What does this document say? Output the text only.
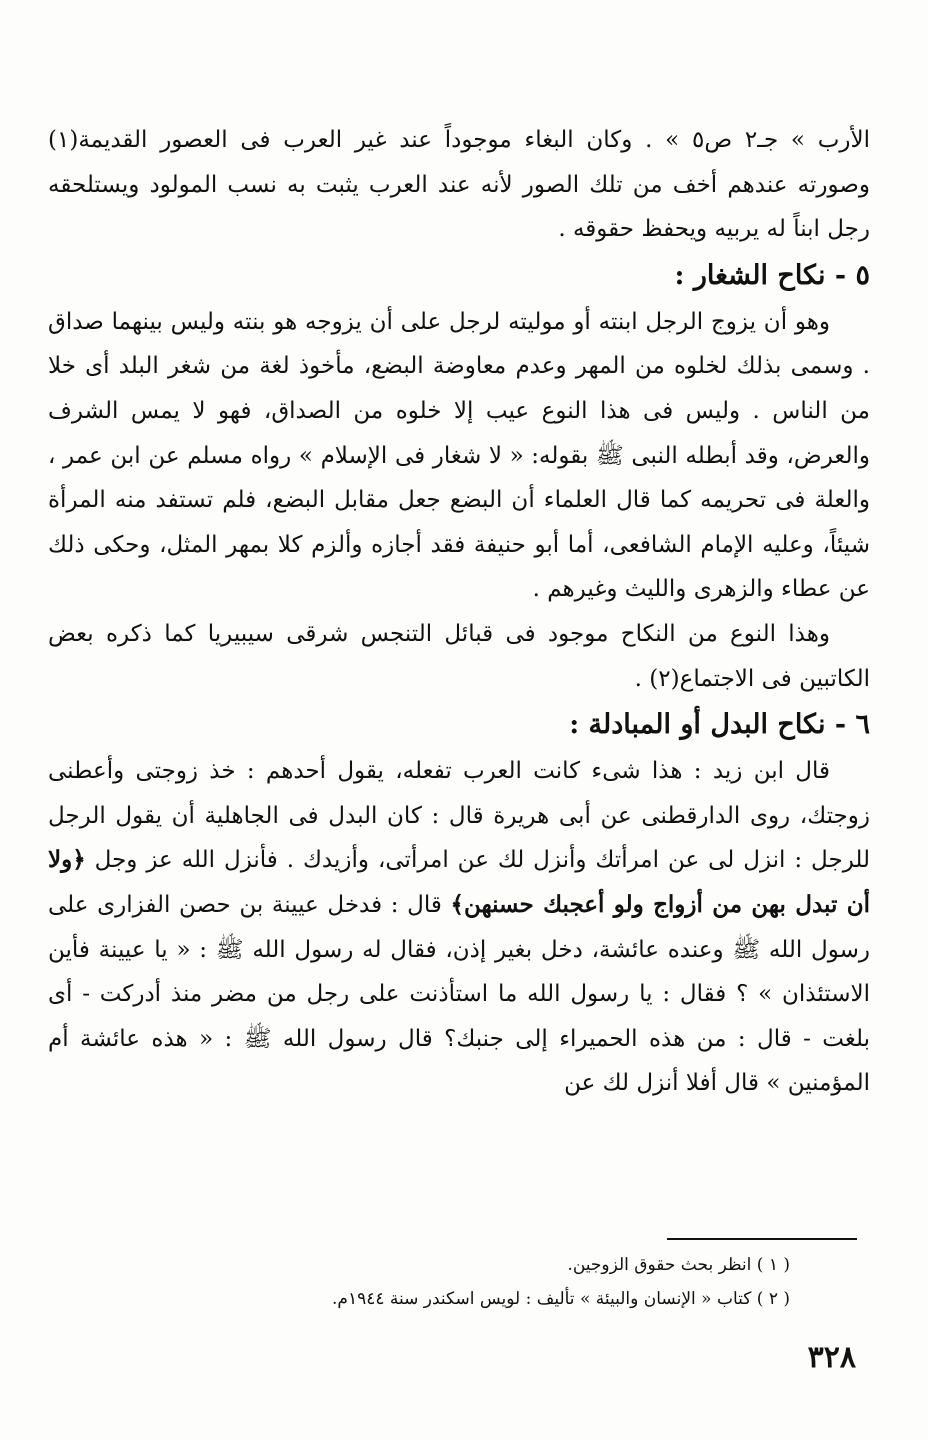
الأرب » جـ٢ ص٥ » . وكان البغاء موجوداً عند غير العرب فى العصور القديمة(١) وصورته عندهم أخف من تلك الصور لأنه عند العرب يثبت به نسب المولود ويستلحقه رجل ابناً له يربيه ويحفظ حقوقه .

٥ - نكاح الشغار :

وهو أن يزوج الرجل ابنته أو موليته لرجل على أن يزوجه هو بنته وليس بينهما صداق . وسمى بذلك لخلوه من المهر وعدم معاوضة البضع، مأخوذ لغة من شغر البلد أى خلا من الناس . وليس فى هذا النوع عيب إلا خلوه من الصداق، فهو لا يمس الشرف والعرض، وقد أبطله النبى ﷺ بقوله: « لا شغار فى الإسلام » رواه مسلم عن ابن عمر ، والعلة فى تحريمه كما قال العلماء أن البضع جعل مقابل البضع، فلم تستفد منه المرأة شيئاً، وعليه الإمام الشافعى، أما أبو حنيفة فقد أجازه وألزم كلا بمهر المثل، وحكى ذلك عن عطاء والزهرى والليث وغيرهم .

وهذا النوع من النكاح موجود فى قبائل التنجس شرقى سيبيريا كما ذكره بعض الكاتبين فى الاجتماع(٢) .

٦ - نكاح البدل أو المبادلة :

قال ابن زيد : هذا شىء كانت العرب تفعله، يقول أحدهم : خذ زوجتى وأعطنى زوجتك، روى الدارقطنى عن أبى هريرة قال : كان البدل فى الجاهلية أن يقول الرجل للرجل : انزل لى عن امرأتك وأنزل لك عن امرأتى، وأزيدك . فأنزل الله عز وجل ﴿ولا أن تبدل بهن من أزواج ولو أعجبك حسنهن﴾ قال : فدخل عيينة بن حصن الفزارى على رسول الله ﷺ وعنده عائشة، دخل بغير إذن، فقال له رسول الله ﷺ : « يا عيينة فأين الاستئذان » ؟ فقال : يا رسول الله ما استأذنت على رجل من مضر منذ أدركت - أى بلغت - قال : من هذه الحميراء إلى جنبك؟ قال رسول الله ﷺ : « هذه عائشة أم المؤمنين » قال أفلا أنزل لك عن

( ١ ) انظر بحث حقوق الزوجين.
( ٢ ) كتاب « الإنسان والبيئة » تأليف : لويس اسكندر سنة ١٩٤٤م.
٣٢٨
